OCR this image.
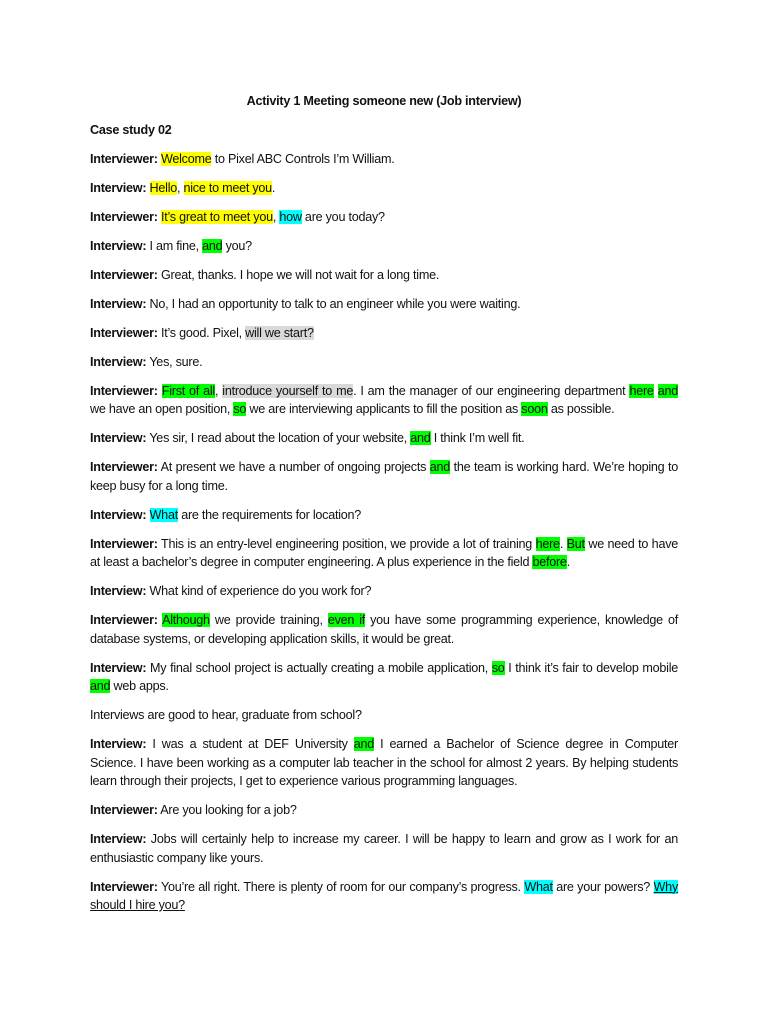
Activity 1 Meeting someone new (Job interview)
Case study 02

Interviewer: Welcome to Pixel ABC Controls I’m William.

Interview: Hello, nice to meet you.

Interviewer: It’s great to meet you, how are you today?

Interview: I am fine, and you?

Interviewer: Great, thanks. I hope we will not wait for a long time.

Interview: No, I had an opportunity to talk to an engineer while you were waiting.

Interviewer: It’s good. Pixel, will we start?

Interview: Yes, sure.

Interviewer: First of all, introduce yourself to me. I am the manager of our engineering department here and we have an open position, so we are interviewing applicants to fill the position as soon as possible.

Interview: Yes sir, I read about the location of your website, and I think I’m well fit.

Interviewer: At present we have a number of ongoing projects and the team is working hard. We’re hoping to keep busy for a long time.

Interview: What are the requirements for location?

Interviewer: This is an entry-level engineering position, we provide a lot of training here. But we need to have at least a bachelor’s degree in computer engineering. A plus experience in the field before.

Interview: What kind of experience do you work for?

Interviewer: Although we provide training, even if you have some programming experience, knowledge of database systems, or developing application skills, it would be great.

Interview: My final school project is actually creating a mobile application, so I think it’s fair to develop mobile and web apps.

Interviews are good to hear, graduate from school?

Interview: I was a student at DEF University and I earned a Bachelor of Science degree in Computer Science. I have been working as a computer lab teacher in the school for almost 2 years. By helping students learn through their projects, I get to experience various programming languages.

Interviewer: Are you looking for a job?

Interview: Jobs will certainly help to increase my career. I will be happy to learn and grow as I work for an enthusiastic company like yours.

Interviewer: You’re all right. There is plenty of room for our company’s progress. What are your powers? Why should I hire you?
